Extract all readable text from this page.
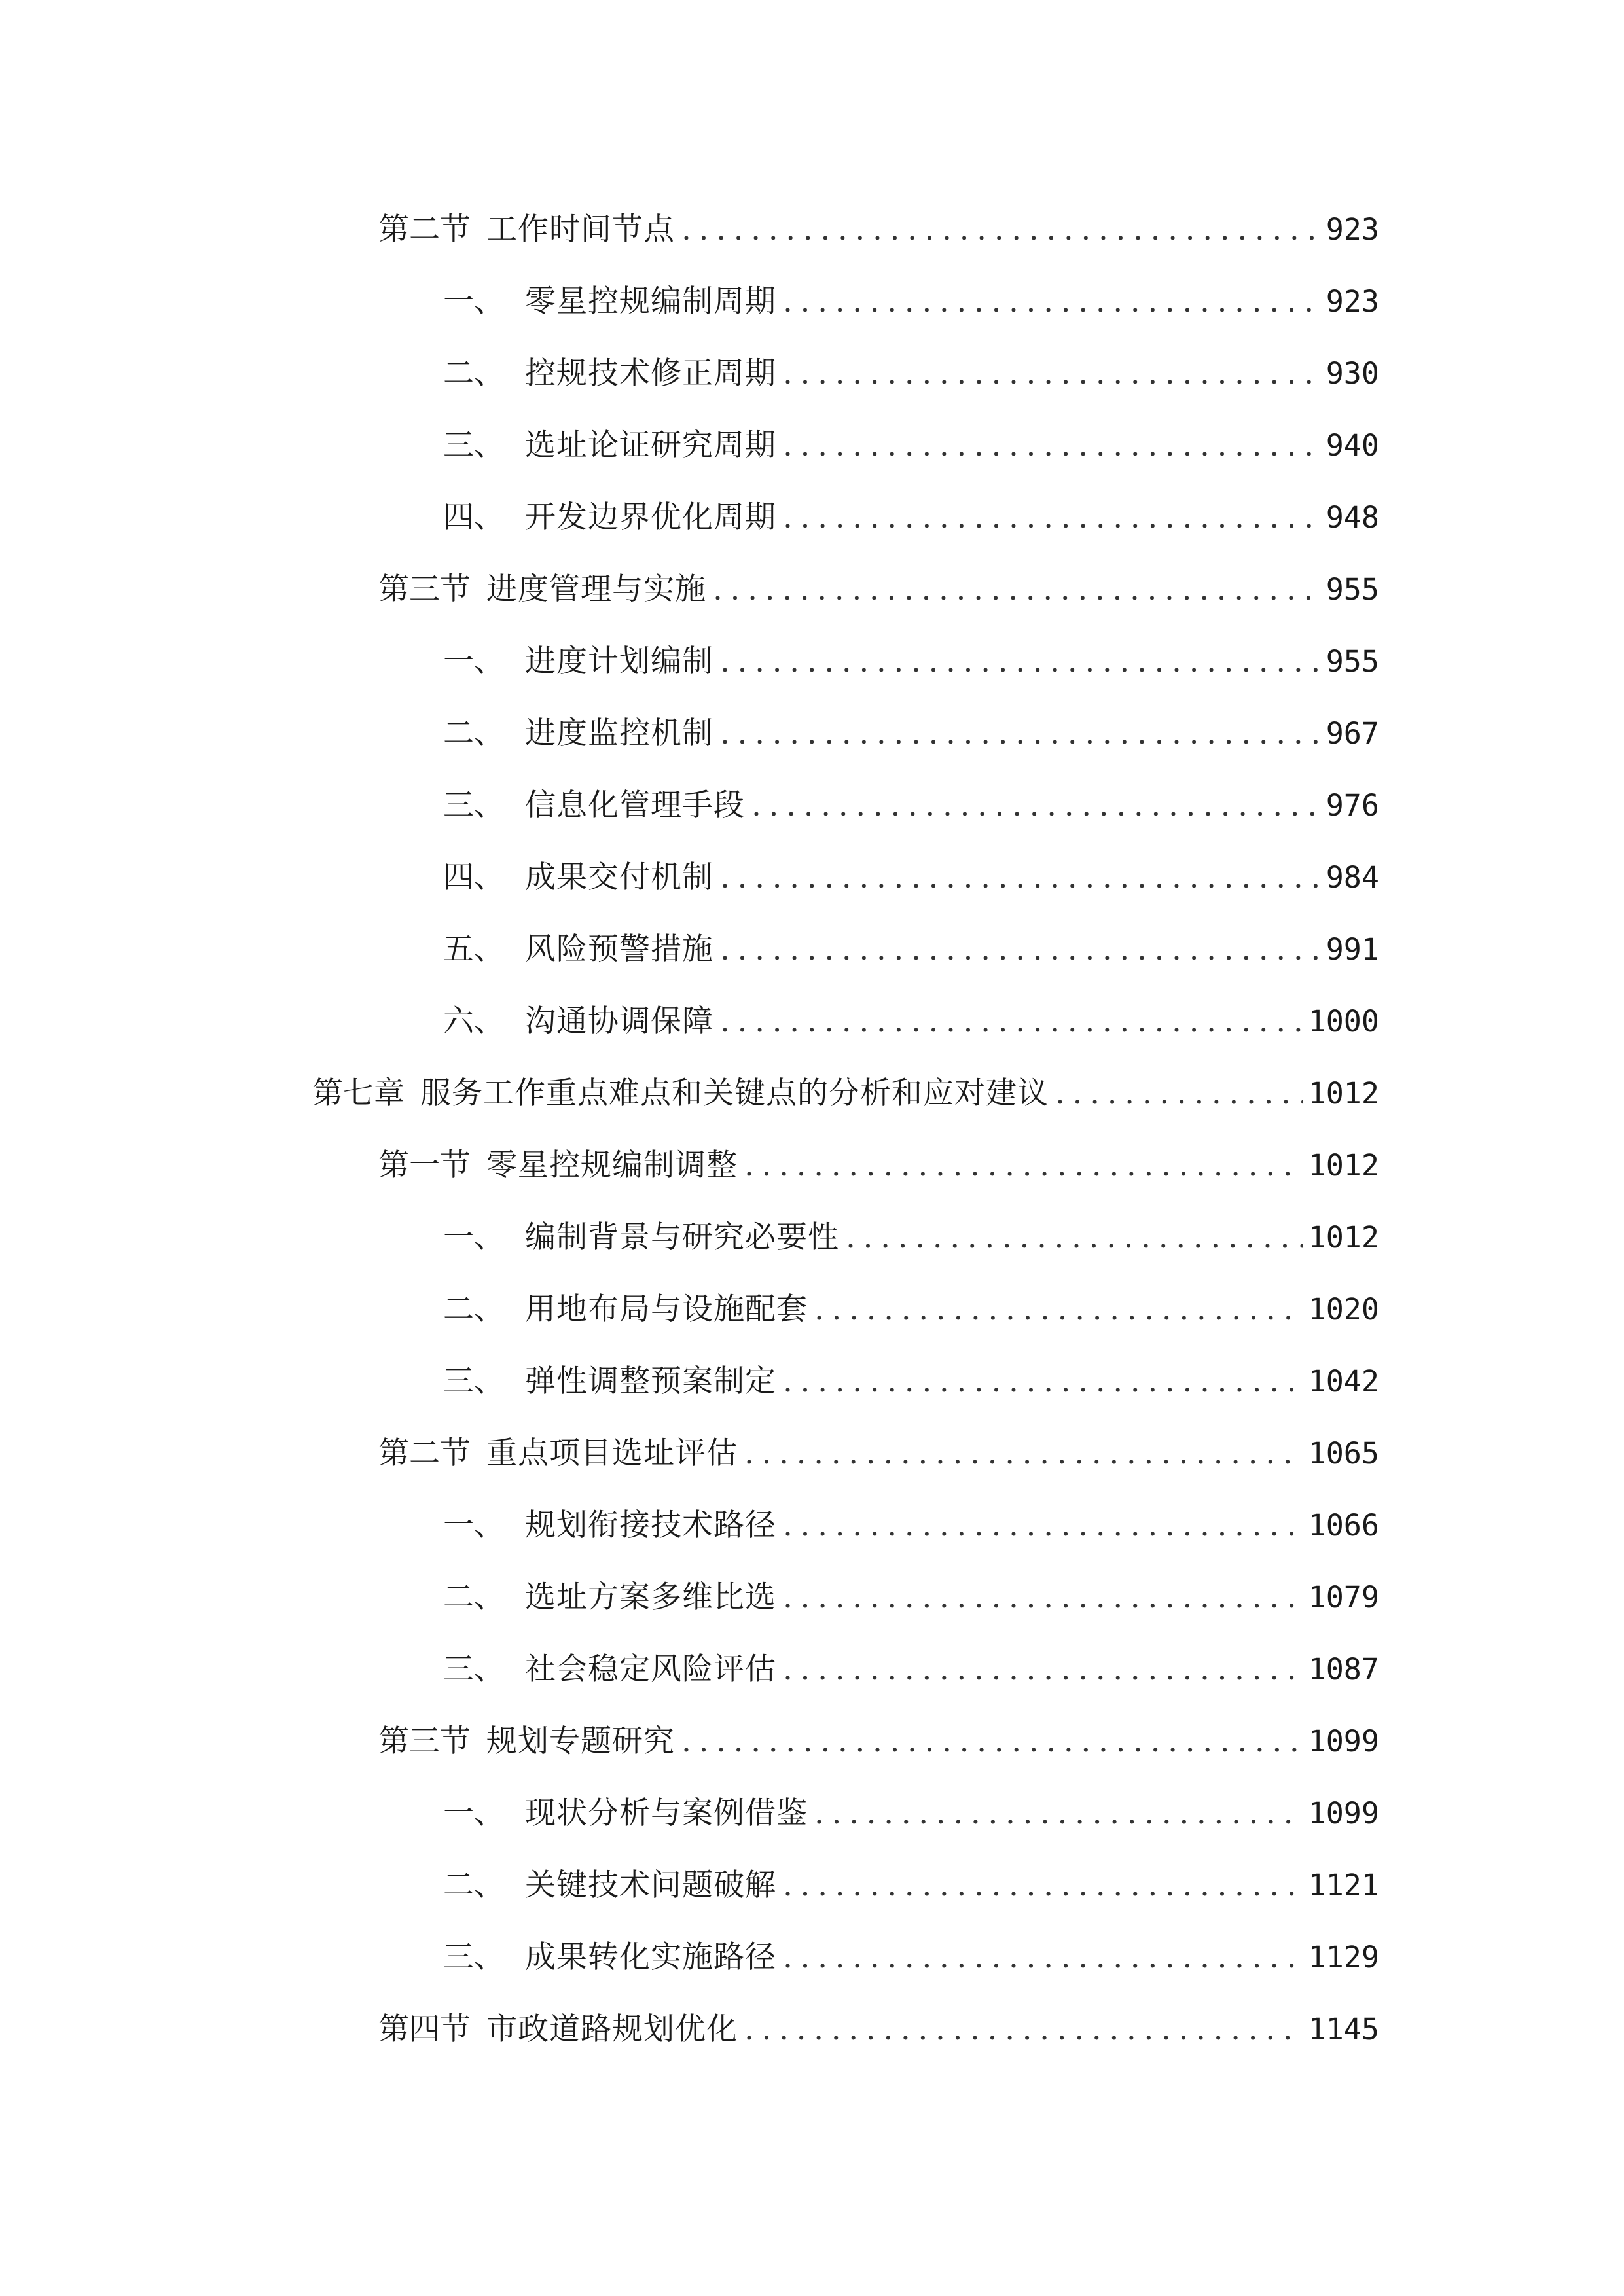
第二节 工作时间节点 .....	923
一、 零星控规编制周期 .....	923
二、 控规技术修正周期 .....	930
三、 选址论证研究周期 .....	940
四、 开发边界优化周期 .....	948
第三节 进度管理与实施 .....	955
一、 进度计划编制 .....	955
二、 进度监控机制 .....	967
三、 信息化管理手段 .....	976
四、 成果交付机制 .....	984
五、 风险预警措施 .....	991
六、 沟通协调保障 .....	1000
第七章 服务工作重点难点和关键点的分析和应对建议 .....	1012
第一节 零星控规编制调整 .....	1012
一、 编制背景与研究必要性 .....	1012
二、 用地布局与设施配套 .....	1020
三、 弹性调整预案制定 .....	1042
第二节 重点项目选址评估 .....	1065
一、 规划衔接技术路径 .....	1066
二、 选址方案多维比选 .....	1079
三、 社会稳定风险评估 .....	1087
第三节 规划专题研究 .....	1099
一、 现状分析与案例借鉴 .....	1099
二、 关键技术问题破解 .....	1121
三、 成果转化实施路径 .....	1129
第四节 市政道路规划优化 .....	1145
